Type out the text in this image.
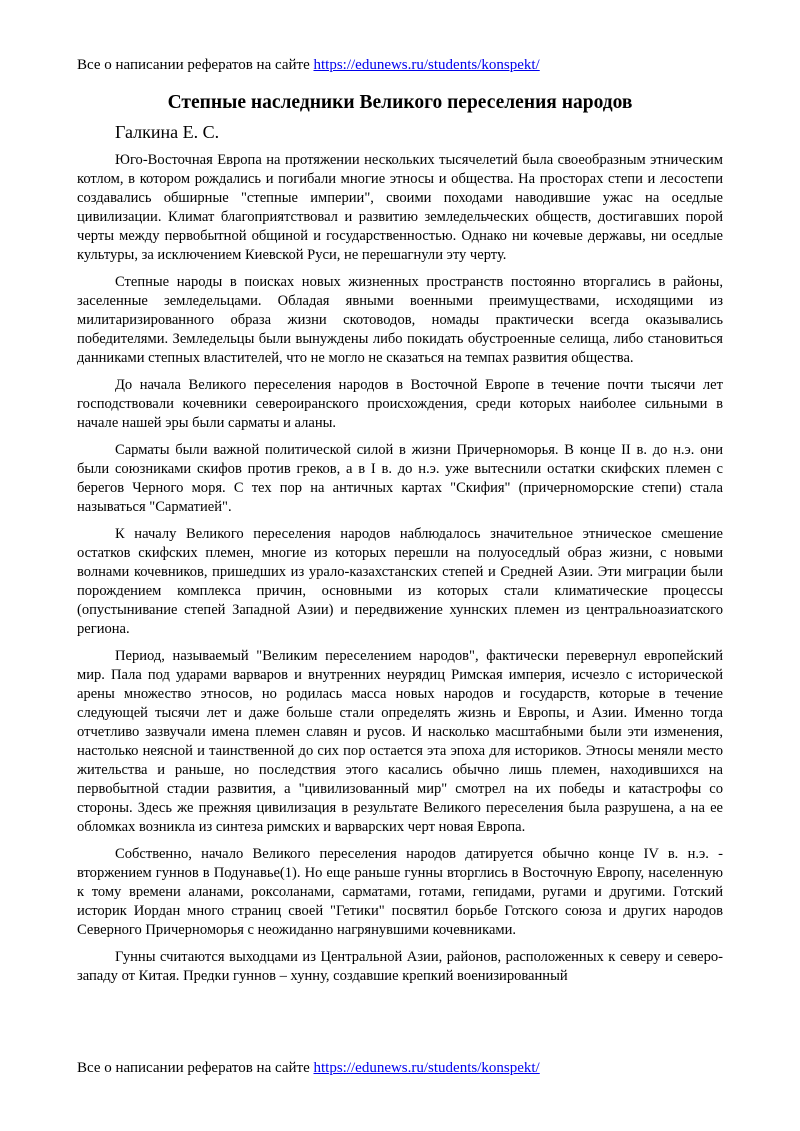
Все о написании рефератов на сайте https://edunews.ru/students/konspekt/
Степные наследники Великого переселения народов
Галкина Е. С.

Юго-Восточная Европа на протяжении нескольких тысячелетий была своеобразным этническим котлом, в котором рождались и погибали многие этносы и общества. На просторах степи и лесостепи создавались обширные "степные империи", своими походами наводившие ужас на оседлые цивилизации. Климат благоприятствовал и развитию земледельческих обществ, достигавших порой черты между первобытной общиной и государственностью. Однако ни кочевые державы, ни оседлые культуры, за исключением Киевской Руси, не перешагнули эту черту.

Степные народы в поисках новых жизненных пространств постоянно вторгались в районы, заселенные земледельцами. Обладая явными военными преимуществами, исходящими из милитаризированного образа жизни скотоводов, номады практически всегда оказывались победителями. Земледельцы были вынуждены либо покидать обустроенные селища, либо становиться данниками степных властителей, что не могло не сказаться на темпах развития общества.

До начала Великого переселения народов в Восточной Европе в течение почти тысячи лет господствовали кочевники североиранского происхождения, среди которых наиболее сильными в начале нашей эры были сарматы и аланы.

Сарматы были важной политической силой в жизни Причерноморья. В конце II в. до н.э. они были союзниками скифов против греков, а в I в. до н.э. уже вытеснили остатки скифских племен с берегов Черного моря. С тех пор на античных картах "Скифия" (причерноморские степи) стала называться "Сарматией".

К началу Великого переселения народов наблюдалось значительное этническое смешение остатков скифских племен, многие из которых перешли на полуоседлый образ жизни, с новыми волнами кочевников, пришедших из урало-казахстанских степей и Средней Азии. Эти миграции были порождением комплекса причин, основными из которых стали климатические процессы (опустынивание степей Западной Азии) и передвижение хуннских племен из центральноазиатского региона.

Период, называемый "Великим переселением народов", фактически перевернул европейский мир. Пала под ударами варваров и внутренних неурядиц Римская империя, исчезло с исторической арены множество этносов, но родилась масса новых народов и государств, которые в течение следующей тысячи лет и даже больше стали определять жизнь и Европы, и Азии. Именно тогда отчетливо зазвучали имена племен славян и русов. И насколько масштабными были эти изменения, настолько неясной и таинственной до сих пор остается эта эпоха для историков. Этносы меняли место жительства и раньше, но последствия этого касались обычно лишь племен, находившихся на первобытной стадии развития, а "цивилизованный мир" смотрел на их победы и катастрофы со стороны. Здесь же прежняя цивилизация в результате Великого переселения была разрушена, а на ее обломках возникла из синтеза римских и варварских черт новая Европа.

Собственно, начало Великого переселения народов датируется обычно конце IV в. н.э. - вторжением гуннов в Подунавье(1). Но еще раньше гунны вторглись в Восточную Европу, населенную к тому времени аланами, роксоланами, сарматами, готами, гепидами, ругами и другими. Готский историк Иордан много страниц своей "Гетики" посвятил борьбе Готского союза и других народов Северного Причерноморья с неожиданно нагрянувшими кочевниками.

Гунны считаются выходцами из Центральной Азии, районов, расположенных к северу и северо-западу от Китая. Предки гуннов – хунну, создавшие крепкий военизированный

Все о написании рефератов на сайте https://edunews.ru/students/konspekt/
